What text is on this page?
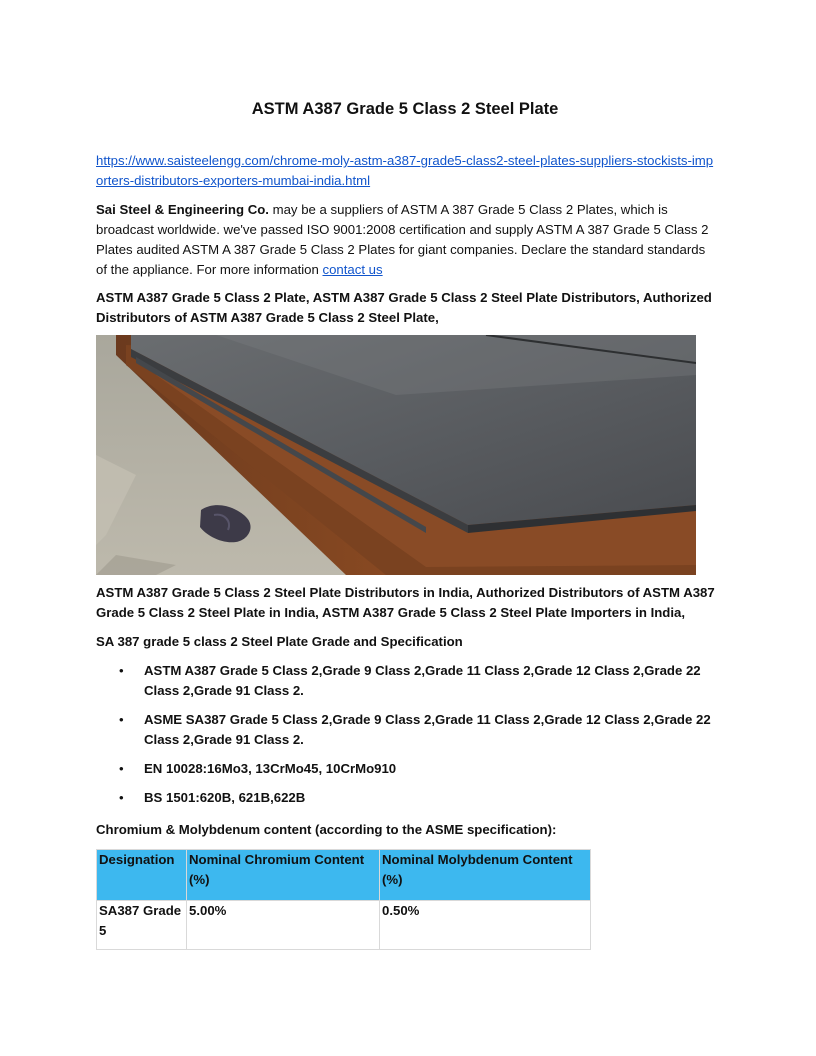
ASTM A387 Grade 5 Class 2 Steel Plate
https://www.saisteelengg.com/chrome-moly-astm-a387-grade5-class2-steel-plates-suppliers-stockists-importers-distributors-exporters-mumbai-india.html

Sai Steel & Engineering Co. may be a suppliers of ASTM A 387 Grade 5 Class 2 Plates, which is broadcast worldwide. we've passed ISO 9001:2008 certification and supply ASTM A 387 Grade 5 Class 2 Plates audited ASTM A 387 Grade 5 Class 2 Plates for giant companies. Declare the standard standards of the appliance. For more information contact us

ASTM A387 Grade 5 Class 2 Plate, ASTM A387 Grade 5 Class 2 Steel Plate Distributors, Authorized Distributors of ASTM A387 Grade 5 Class 2 Steel Plate,

ASTM A387 Grade 5 Class 2 Steel Plate Distributors in India, Authorized Distributors of ASTM A387 Grade 5 Class 2 Steel Plate in India, ASTM A387 Grade 5 Class 2 Steel Plate Importers in India,

SA 387 grade 5 class 2 Steel Plate Grade and Specification

• ASTM A387 Grade 5 Class 2,Grade 9 Class 2,Grade 11 Class 2,Grade 12 Class 2,Grade 22 Class 2,Grade 91 Class 2.
• ASME SA387 Grade 5 Class 2,Grade 9 Class 2,Grade 11 Class 2,Grade 12 Class 2,Grade 22 Class 2,Grade 91 Class 2.
• EN 10028:16Mo3, 13CrMo45, 10CrMo910
• BS 1501:620B, 621B,622B

Chromium & Molybdenum content (according to the ASME specification):

Designation	Nominal Chromium Content (%)	Nominal Molybdenum Content (%)
SA387 Grade 5	5.00%	0.50%
